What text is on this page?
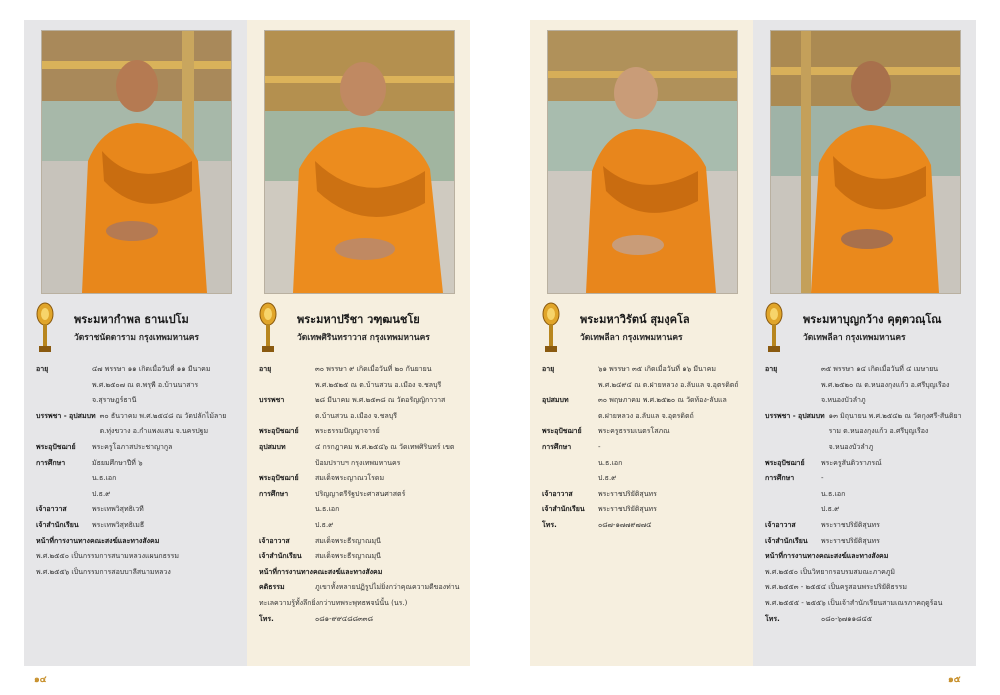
พระมหากำพล ธานเปโม
วัดราชนัดดาราม กรุงเทพมหานคร
อายุ	๔๗ พรรษา ๑๑ เกิดเมื่อวันที่ ๑๑ มีนาคม พ.ศ.๒๕๐๗ ณ ต.พรุพี อ.บ้านนาสาร จ.สุราษฎร์ธานี
บรรพชา - อุปสมบท ๓๐ ธันวาคม พ.ศ.๒๕๔๘ ณ วัดปลักไม้ลาย ต.ทุ่งขวาง อ.กำแพงแสน จ.นครปฐม
พระอุปัชฌาย์	พระครูโอภาสประชาญากูล
การศึกษา	มัธยมศึกษาปีที่ ๖
น.ธ.เอก
ป.ธ.๙
เจ้าอาวาส	พระเทพวิสุทธิเวที
เจ้าสำนักเรียน	พระเทพวิสุทธิเมธี
หน้าที่การงานทางคณะสงฆ์และทางสังคม
พ.ศ.๒๕๕๐ เป็นกรรมการสนามหลวงแผนกธรรม
พ.ศ.๒๕๕๖ เป็นกรรมการสอบบาลีสนามหลวง
พระมหาปรีชา วฑฺฒนชโย
วัดเทพศิรินทราวาส กรุงเทพมหานคร
อายุ	๓๐ พรรษา ๙ เกิดเมื่อวันที่ ๒๐ กันยายน พ.ศ.๒๕๒๕ ณ ต.บ้านสวน อ.เมือง จ.ชลบุรี
บรรพชา	๒๘ มีนาคม พ.ศ.๒๕๓๘ ณ วัดอรัญญิกาวาส ต.บ้านสวน อ.เมือง จ.ชลบุรี
พระอุปัชฌาย์	พระธรรมปัญญาจารย์
อุปสมบท	๔ กรกฎาคม พ.ศ.๒๕๔๖ ณ วัดเทพศิรินทร์ เขตป้อมปราบฯ กรุงเทพมหานคร
พระอุปัชฌาย์	สมเด็จพระญาณวโรดม
การศึกษา	ปริญญาตรีรัฐประศาสนศาสตร์
น.ธ.เอก
ป.ธ.๙
เจ้าอาวาส	สมเด็จพระธีรญาณมุนี
เจ้าสำนักเรียน	สมเด็จพระธีรญาณมุนี
หน้าที่การงานทางคณะสงฆ์และทางสังคม
คติธรรม	ภูเขาทั้งหลายปฏิรูปไม่ยิ่งกว่าคุณความดีของท่าน
ทะเลความรู้ทั้งลึกยิ่งกว่าบทพระพุทธพจน์นั้น (นร.)
โทร.	๐๘๑-๙๙๔๘๘๓๓๘
๑๔
พระมหาวิรัตน์ สุมงฺคโล
วัดเทพลีลา กรุงเทพมหานคร
อายุ	๖๑ พรรษา ๓๕ เกิดเมื่อวันที่ ๑๖ มีนาคม พ.ศ.๒๔๙๔ ณ ต.ฝายหลวง อ.ลับแล จ.อุตรดิตถ์
อุปสมบท	๓๐ พฤษภาคม พ.ศ.๒๕๒๐ ณ วัดท้อง-ลับแล ต.ฝายหลวง อ.ลับแล จ.อุตรดิตถ์
พระอุปัชฌาย์	พระครูธรรมเนตรโสภณ
การศึกษา	-
น.ธ.เอก
ป.ธ.๙
เจ้าอาวาส	พระราชปริยัติสุนทร
เจ้าสำนักเรียน	พระราชปริยัติสุนทร
โทร.	๐๘๗-๑๗๗๙๗๗๔
พระมหาบุญกว้าง คุตฺตวณฺโณ
วัดเทพลีลา กรุงเทพมหานคร
อายุ	๓๕ พรรษา ๑๔ เกิดเมื่อวันที่ ๔ เมษายน พ.ศ.๒๕๒๐ ณ ต.หนองกุงแก้ว อ.ศรีบุญเรือง จ.หนองบัวลำภู
บรรพชา - อุปสมบท ๑๓ มิถุนายน พ.ศ.๒๕๔๒ ณ วัดกุงศรี-สันติยาราม ต.หนองกุงแก้ว อ.ศรีบุญเรือง จ.หนองบัวลำภู
พระอุปัชฌาย์	พระครูสันติวราภรณ์
การศึกษา	-
น.ธ.เอก
ป.ธ.๙
เจ้าอาวาส	พระราชปริยัติสุนทร
เจ้าสำนักเรียน	พระราชปริยัติสุนทร
หน้าที่การงานทางคณะสงฆ์และทางสังคม
พ.ศ.๒๕๕๐ เป็นวิทยากรอบรมสมณะภาคภูมิ
พ.ศ.๒๕๕๓ - ๒๕๕๔ เป็นครูสอนพระปริยัติธรรม
พ.ศ.๒๕๕๕ - ๒๕๕๖ เป็นเจ้าสำนักเรียนสามเณรภาคฤดูร้อน
โทร.	๐๘๐-๖๗๑๑๘๔๕
๑๕
